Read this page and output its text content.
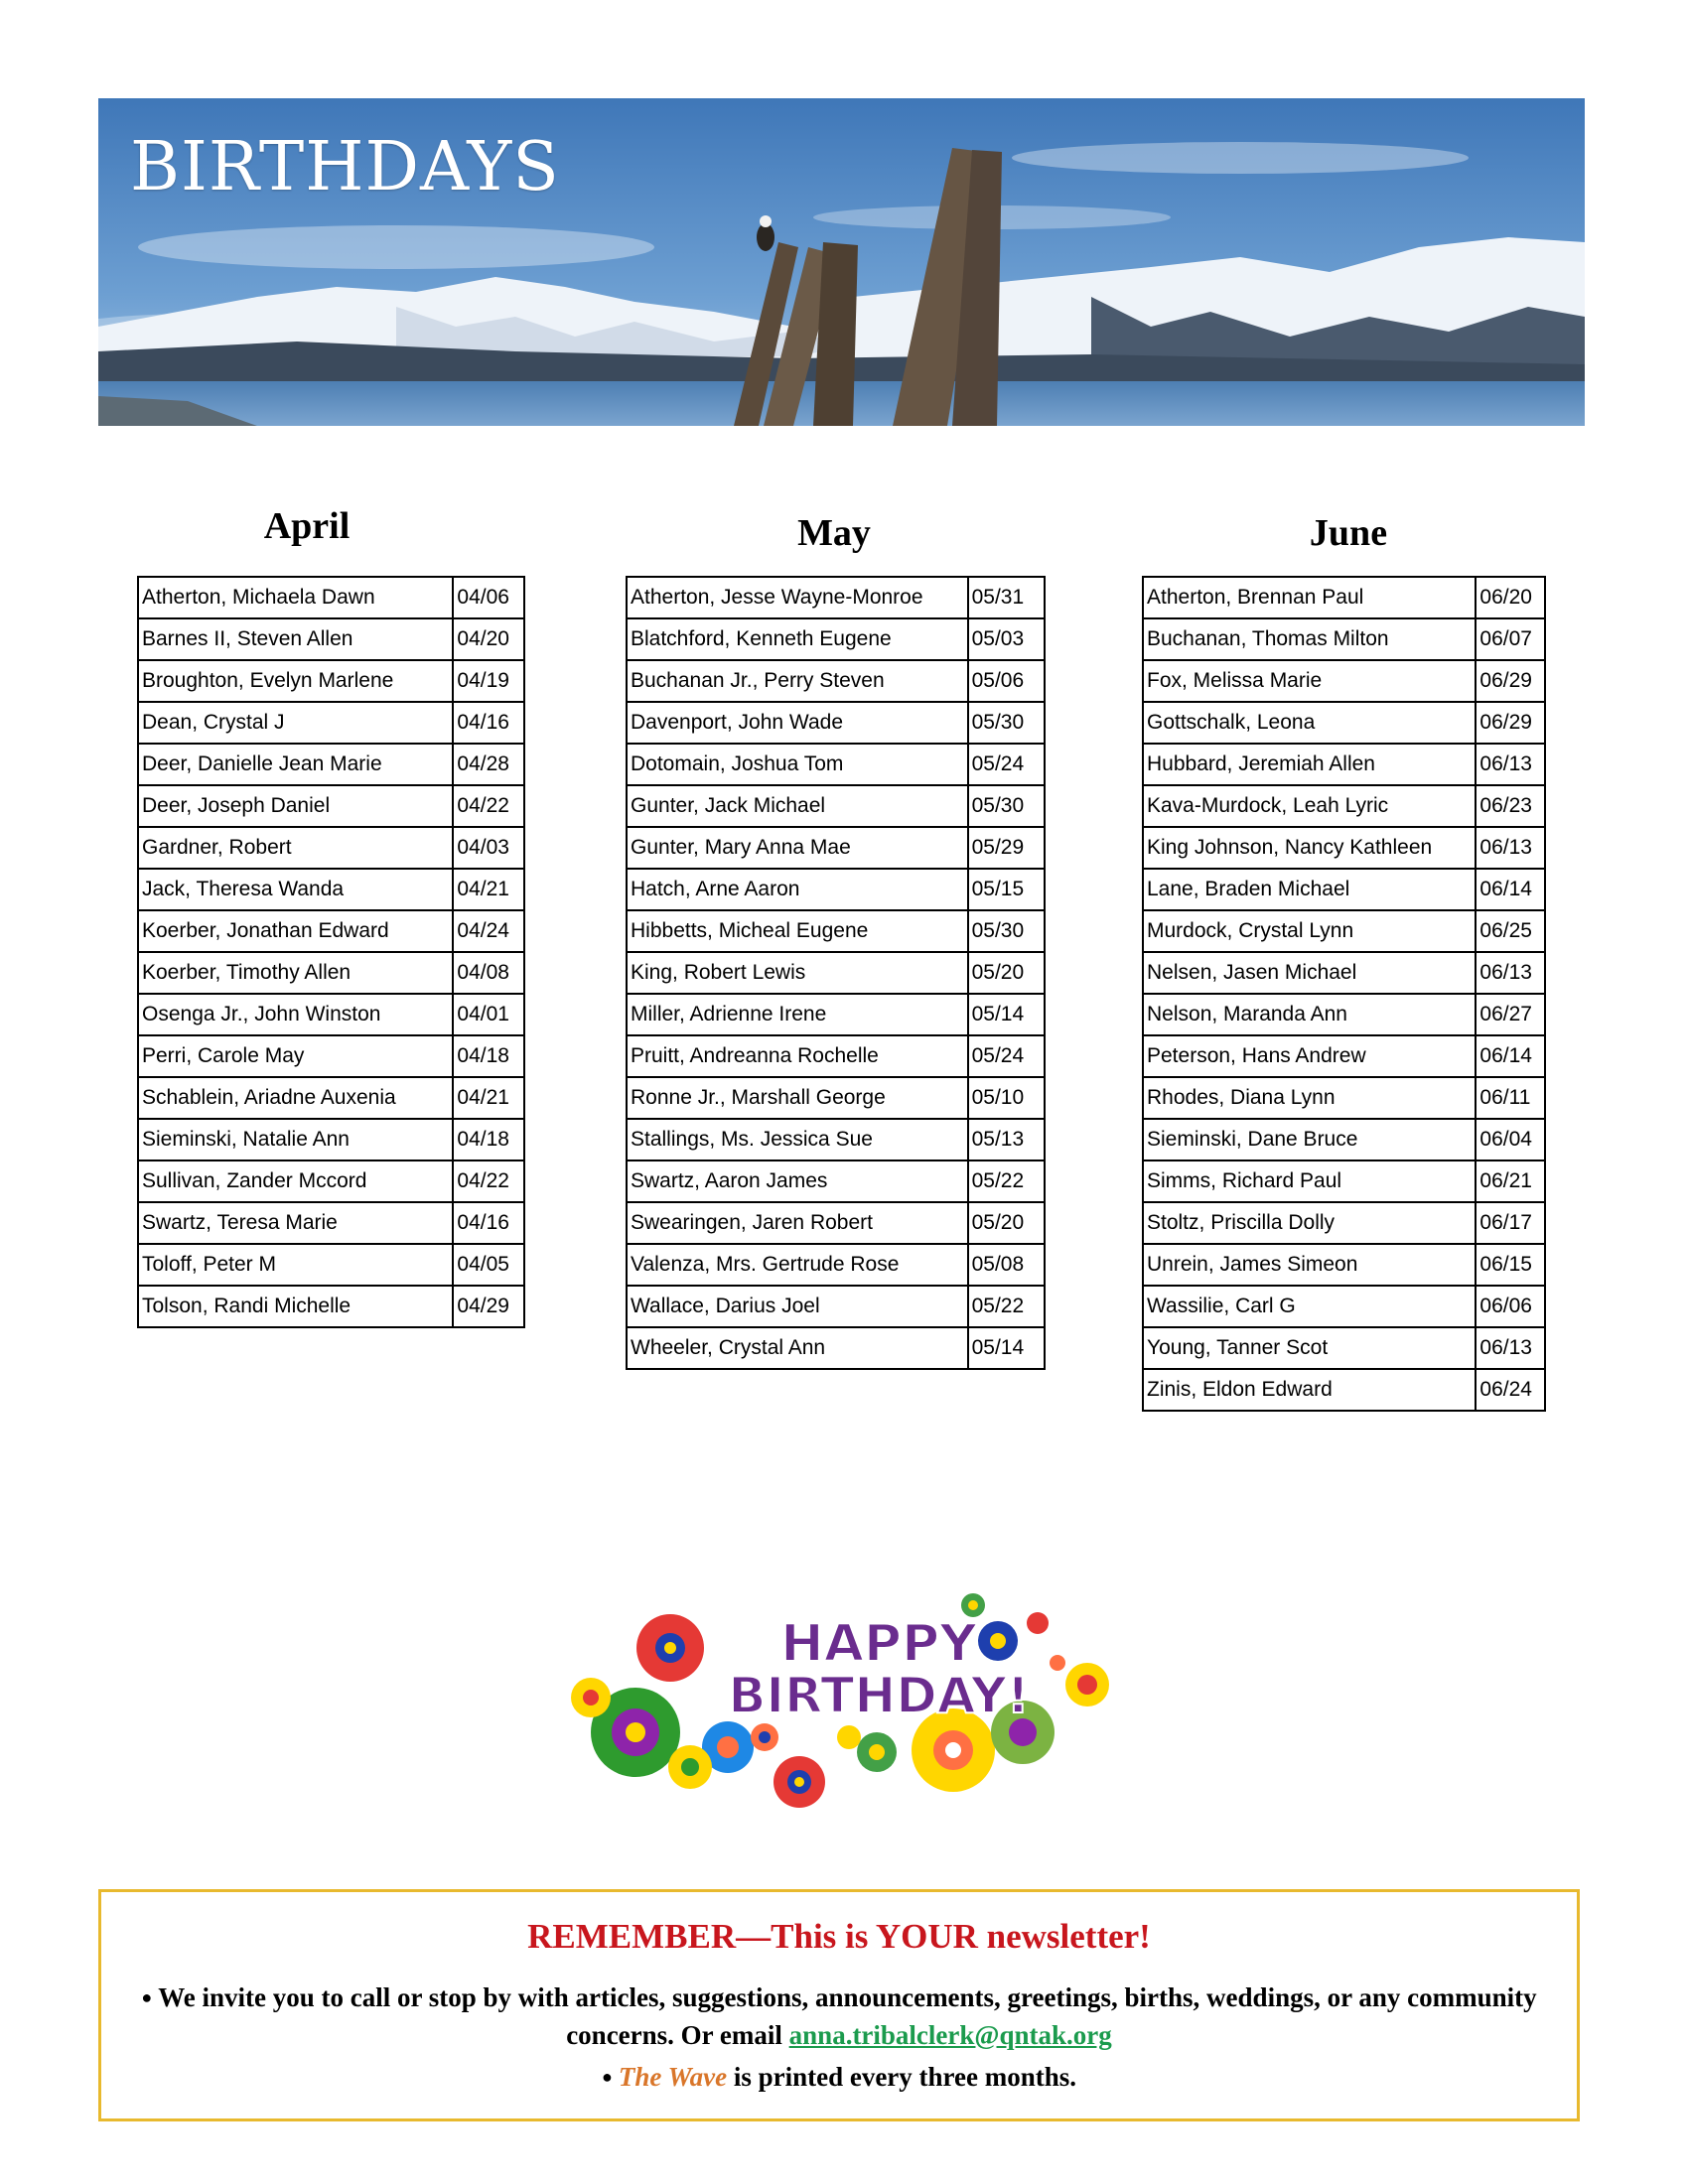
BIRTHDAYS
April	May	June
Atherton, Michaela Dawn	04/06
Barnes II, Steven Allen	04/20
Broughton, Evelyn Marlene	04/19
Dean, Crystal J	04/16
Deer, Danielle Jean Marie	04/28
Deer, Joseph Daniel	04/22
Gardner, Robert	04/03
Jack, Theresa Wanda	04/21
Koerber, Jonathan Edward	04/24
Koerber, Timothy Allen	04/08
Osenga Jr., John Winston	04/01
Perri, Carole May	04/18
Schablein, Ariadne Auxenia	04/21
Sieminski, Natalie Ann	04/18
Sullivan, Zander Mccord	04/22
Swartz, Teresa Marie	04/16
Toloff, Peter M	04/05
Tolson, Randi Michelle	04/29
Atherton, Jesse Wayne-Monroe	05/31
Blatchford, Kenneth Eugene	05/03
Buchanan Jr., Perry Steven	05/06
Davenport, John Wade	05/30
Dotomain, Joshua Tom	05/24
Gunter, Jack Michael	05/30
Gunter, Mary Anna Mae	05/29
Hatch, Arne Aaron	05/15
Hibbetts, Micheal Eugene	05/30
King, Robert Lewis	05/20
Miller, Adrienne Irene	05/14
Pruitt, Andreanna Rochelle	05/24
Ronne Jr., Marshall George	05/10
Stallings, Ms. Jessica Sue	05/13
Swartz, Aaron James	05/22
Swearingen, Jaren Robert	05/20
Valenza, Mrs. Gertrude Rose	05/08
Wallace, Darius Joel	05/22
Wheeler, Crystal Ann	05/14
Atherton, Brennan Paul	06/20
Buchanan, Thomas Milton	06/07
Fox, Melissa Marie	06/29
Gottschalk, Leona	06/29
Hubbard, Jeremiah Allen	06/13
Kava-Murdock, Leah Lyric	06/23
King Johnson, Nancy Kathleen	06/13
Lane, Braden Michael	06/14
Murdock, Crystal Lynn	06/25
Nelsen, Jasen Michael	06/13
Nelson, Maranda Ann	06/27
Peterson, Hans Andrew	06/14
Rhodes, Diana Lynn	06/11
Sieminski, Dane Bruce	06/04
Simms, Richard Paul	06/21
Stoltz, Priscilla Dolly	06/17
Unrein, James Simeon	06/15
Wassilie, Carl G	06/06
Young, Tanner Scot	06/13
Zinis, Eldon Edward	06/24
HAPPY
BIRTHDAY!
REMEMBER—This is YOUR newsletter!
● We invite you to call or stop by with articles, suggestions, announcements, greetings, births, weddings, or any community concerns. Or email anna.tribalclerk@qntak.org
● The Wave is printed every three months.
